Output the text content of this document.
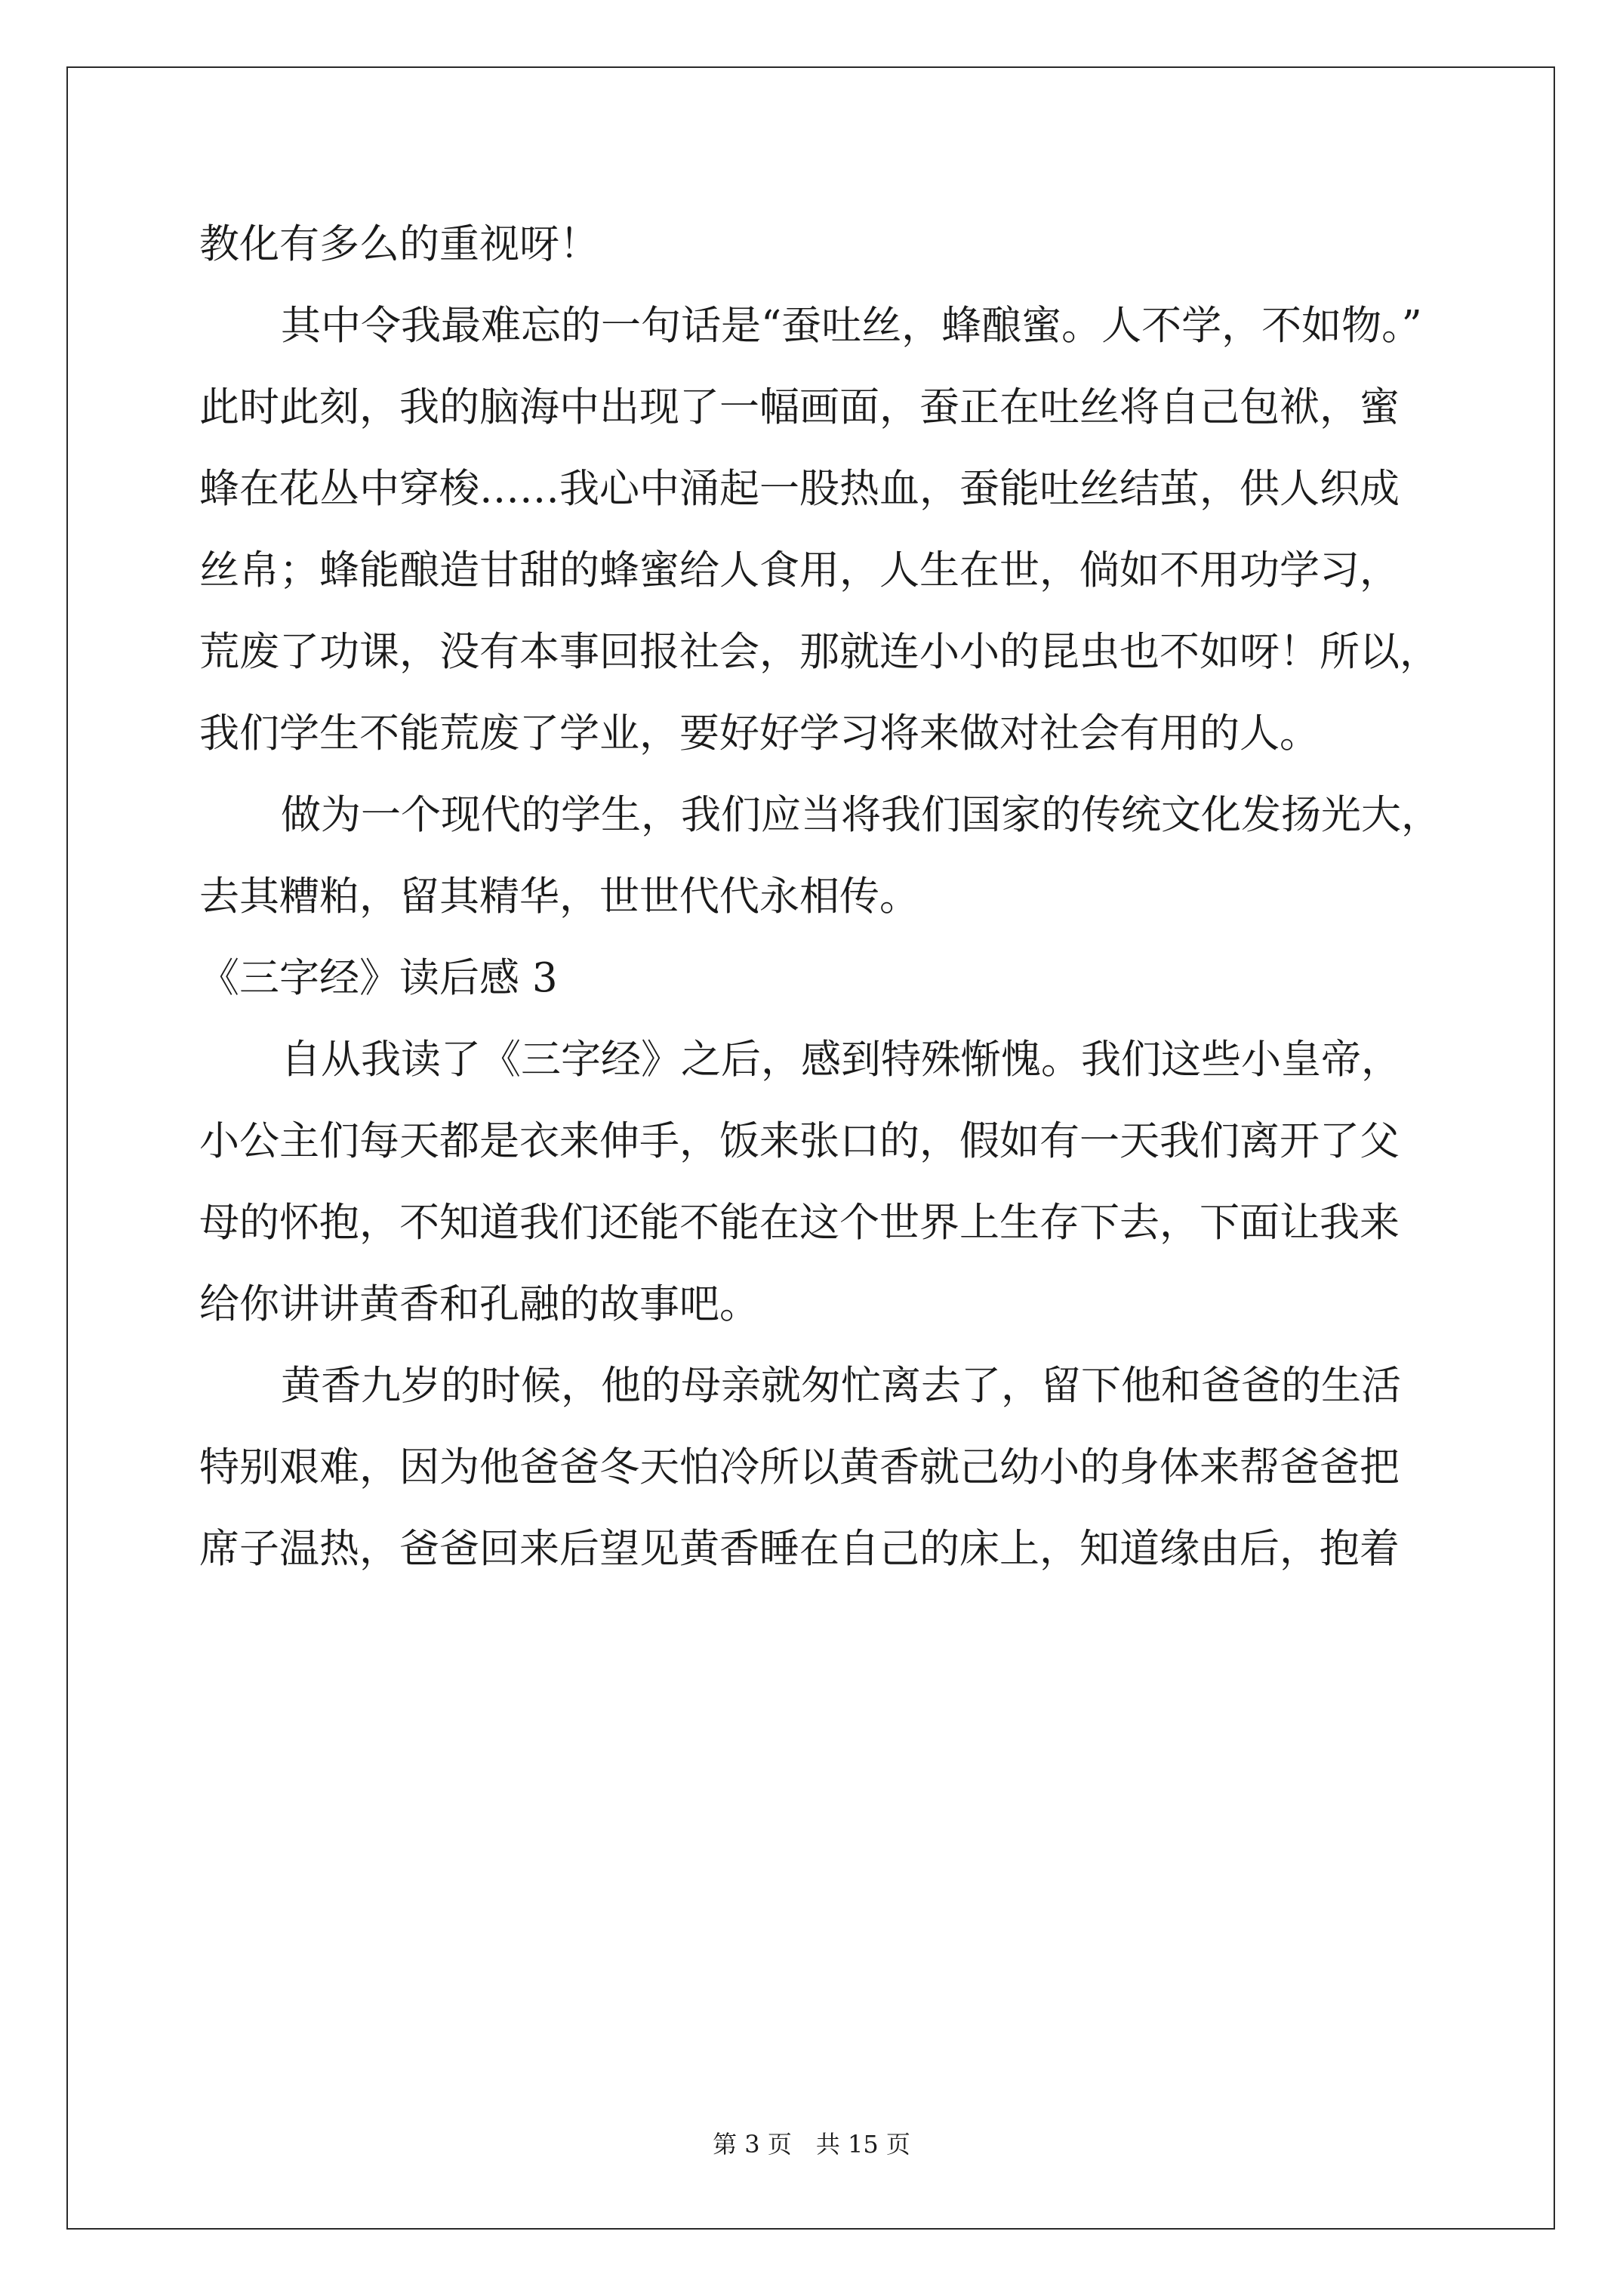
教化有多么的重视呀！
其中令我最难忘的一句话是“蚕吐丝，蜂酿蜜。人不学，不如物。”
此时此刻，我的脑海中出现了一幅画面，蚕正在吐丝将自己包袱，蜜
蜂在花丛中穿梭……我心中涌起一股热血，蚕能吐丝结茧，供人织成
丝帛；蜂能酿造甘甜的蜂蜜给人食用，人生在世，倘如不用功学习，
荒废了功课，没有本事回报社会，那就连小小的昆虫也不如呀！所以，
我们学生不能荒废了学业，要好好学习将来做对社会有用的人。
做为一个现代的学生，我们应当将我们国家的传统文化发扬光大，
去其糟粕，留其精华，世世代代永相传。
《三字经》读后感 3
自从我读了《三字经》之后，感到特殊惭愧。我们这些小皇帝，
小公主们每天都是衣来伸手，饭来张口的，假如有一天我们离开了父
母的怀抱，不知道我们还能不能在这个世界上生存下去，下面让我来
给你讲讲黄香和孔融的故事吧。
黄香九岁的时候，他的母亲就匆忙离去了，留下他和爸爸的生活
特别艰难，因为他爸爸冬天怕冷所以黄香就己幼小的身体来帮爸爸把
席子温热，爸爸回来后望见黄香睡在自己的床上，知道缘由后，抱着
第 3 页　共 15 页
